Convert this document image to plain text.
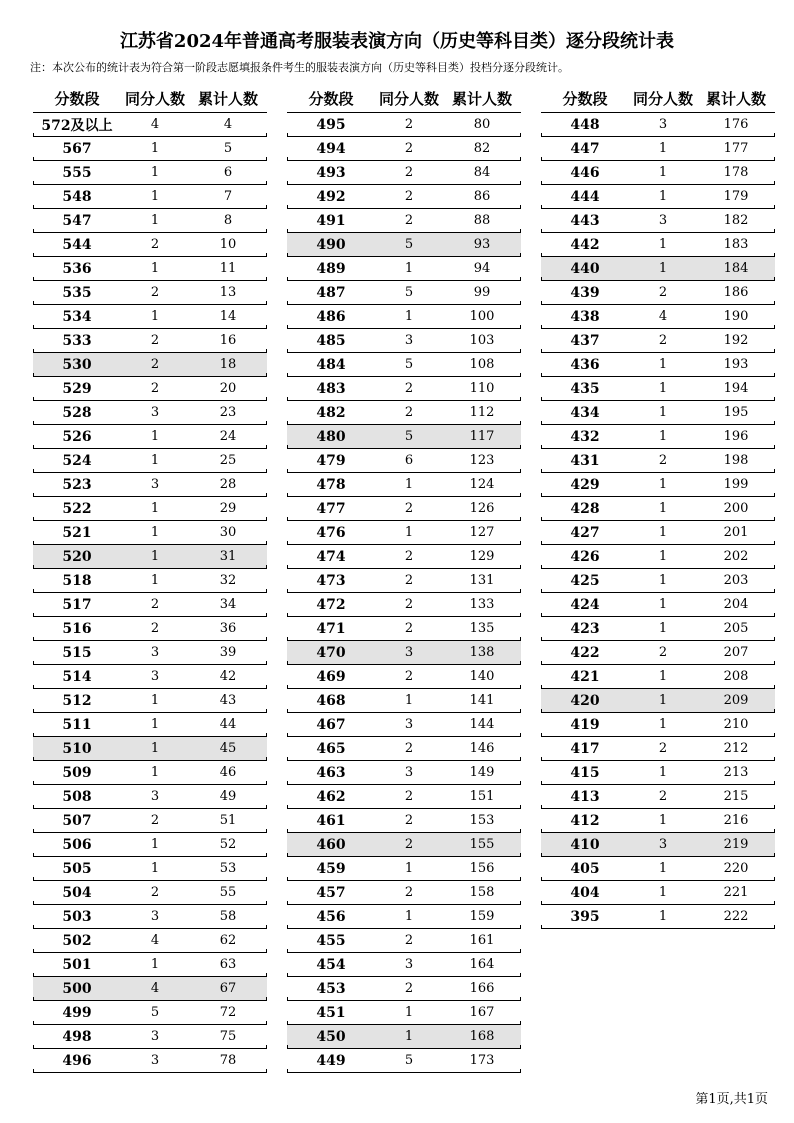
江苏省2024年普通高考服装表演方向（历史等科目类）逐分段统计表
注：本次公布的统计表为符合第一阶段志愿填报条件考生的服装表演方向（历史等科目类）投档分逐分段统计。
分数段	同分人数 累计人数
572及以上	4	4
567	1	5
555	1	6
548	1	7
547	1	8
544	2	10
536	1	11
535	2	13
534	1	14
533	2	16
530	2	18
529	2	20
528	3	23
526	1	24
524	1	25
523	3	28
522	1	29
521	1	30
520	1	31
518	1	32
517	2	34
516	2	36
515	3	39
514	3	42
512	1	43
511	1	44
510	1	45
509	1	46
508	3	49
507	2	51
506	1	52
505	1	53
504	2	55
503	3	58
502	4	62
501	1	63
500	4	67
499	5	72
498	3	75
496	3	78
分数段	同分人数 累计人数
495	2	80
494	2	82
493	2	84
492	2	86
491	2	88
490	5	93
489	1	94
487	5	99
486	1	100
485	3	103
484	5	108
483	2	110
482	2	112
480	5	117
479	6	123
478	1	124
477	2	126
476	1	127
474	2	129
473	2	131
472	2	133
471	2	135
470	3	138
469	2	140
468	1	141
467	3	144
465	2	146
463	3	149
462	2	151
461	2	153
460	2	155
459	1	156
457	2	158
456	1	159
455	2	161
454	3	164
453	2	166
451	1	167
450	1	168
449	5	173
分数段	同分人数 累计人数
448	3	176
447	1	177
446	1	178
444	1	179
443	3	182
442	1	183
440	1	184
439	2	186
438	4	190
437	2	192
436	1	193
435	1	194
434	1	195
432	1	196
431	2	198
429	1	199
428	1	200
427	1	201
426	1	202
425	1	203
424	1	204
423	1	205
422	2	207
421	1	208
420	1	209
419	1	210
417	2	212
415	1	213
413	2	215
412	1	216
410	3	219
405	1	220
404	1	221
395	1	222
第1页,共1页
